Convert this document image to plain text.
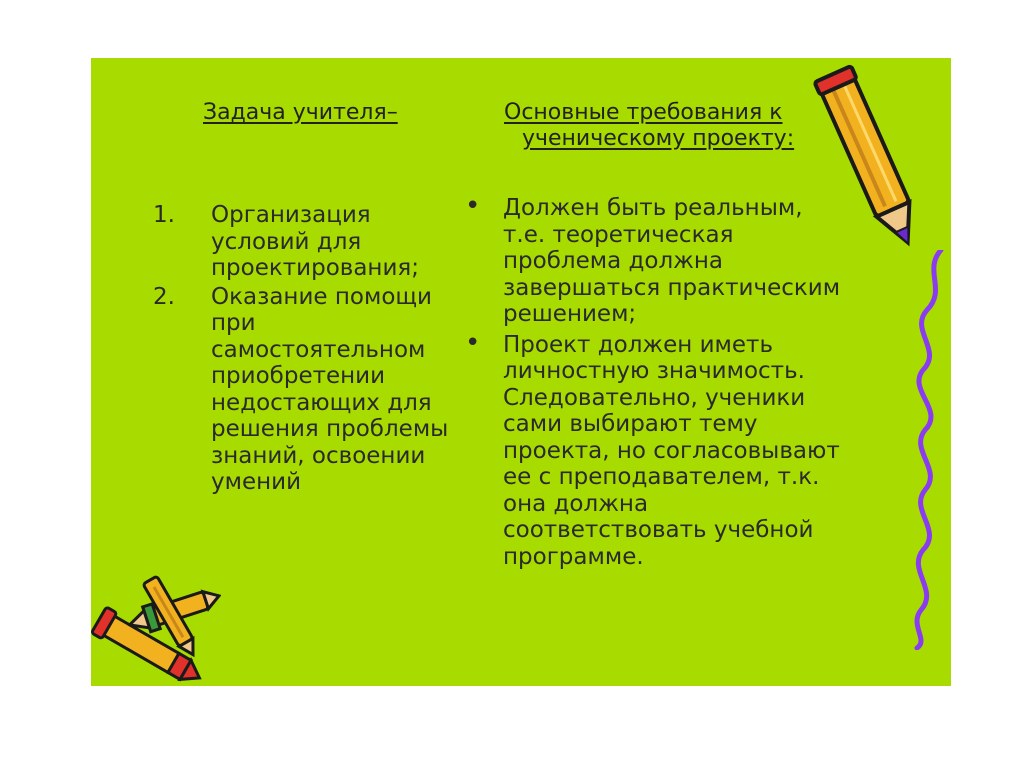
Задача учителя–	Основные требования к
ученическому проекту:
1. Организация условий для проектирования;
2. Оказание помощи при самостоятельном приобретении недостающих для решения проблемы знаний, освоении умений
• Должен быть реальным, т.е. теоретическая проблема должна завершаться практическим решением;
• Проект должен иметь личностную значимость. Следовательно, ученики сами выбирают тему проекта, но согласовывают ее с преподавателем, т.к. она должна соответствовать учебной программе.
